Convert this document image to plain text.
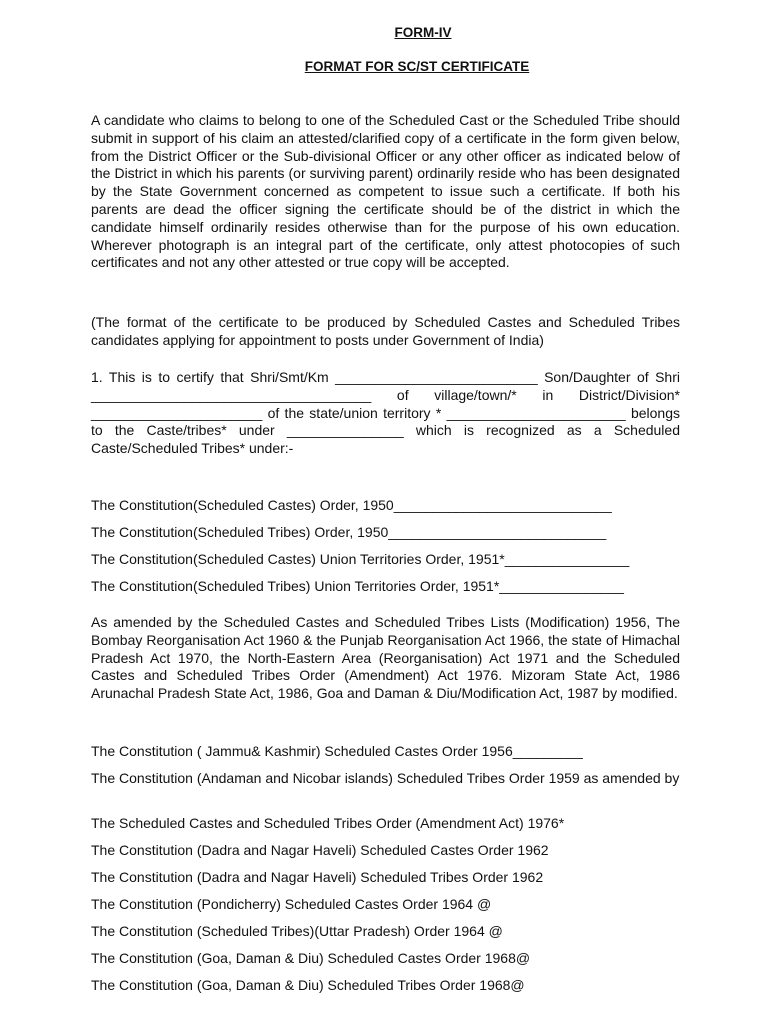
FORM-IV
FORMAT FOR SC/ST CERTIFICATE
A candidate who claims to belong to one of the Scheduled Cast or the Scheduled Tribe should submit in support of his claim an attested/clarified copy of a certificate in the form given below, from the District Officer or the Sub-divisional Officer or any other officer as indicated below of the District in which his parents (or surviving parent) ordinarily reside who has been designated by the State Government concerned as competent to issue such a certificate. If both his parents are dead the officer signing the certificate should be of the district in which the candidate himself ordinarily resides otherwise than for the purpose of his own education. Wherever photograph is an integral part of the certificate, only attest photocopies of such certificates and not any other attested or true copy will be accepted.
(The format of the certificate to be produced by Scheduled Castes and Scheduled Tribes candidates applying for appointment to posts under Government of India)
1. This is to certify that Shri/Smt/Km __________________________ Son/Daughter of Shri ____________________________________ of village/town/* in District/Division* ______________________ of the state/union territory * _______________________ belongs to the Caste/tribes* under _______________ which is recognized as a Scheduled Caste/Scheduled Tribes* under:-
The Constitution(Scheduled Castes) Order, 1950____________________________
The Constitution(Scheduled Tribes) Order, 1950____________________________
The Constitution(Scheduled Castes) Union Territories Order, 1951*________________
The Constitution(Scheduled Tribes) Union Territories Order, 1951*________________
As amended by the Scheduled Castes and Scheduled Tribes Lists (Modification) 1956, The Bombay Reorganisation Act 1960 & the Punjab Reorganisation Act 1966, the state of Himachal Pradesh Act 1970, the North-Eastern Area (Reorganisation) Act 1971 and the Scheduled Castes and Scheduled Tribes Order (Amendment) Act 1976. Mizoram State Act, 1986 Arunachal Pradesh State Act, 1986, Goa and Daman & Diu/Modification Act, 1987 by modified.
The Constitution ( Jammu& Kashmir) Scheduled Castes Order 1956_________
The Constitution (Andaman and Nicobar islands) Scheduled Tribes Order 1959 as amended by
The Scheduled Castes and Scheduled Tribes Order (Amendment Act) 1976*
The Constitution (Dadra and Nagar Haveli) Scheduled Castes Order 1962
The Constitution (Dadra and Nagar Haveli) Scheduled Tribes Order 1962
The Constitution (Pondicherry) Scheduled Castes Order 1964 @
The Constitution (Scheduled Tribes)(Uttar Pradesh) Order 1964 @
The Constitution (Goa, Daman & Diu) Scheduled Castes Order 1968@
The Constitution (Goa, Daman & Diu) Scheduled Tribes Order 1968@
